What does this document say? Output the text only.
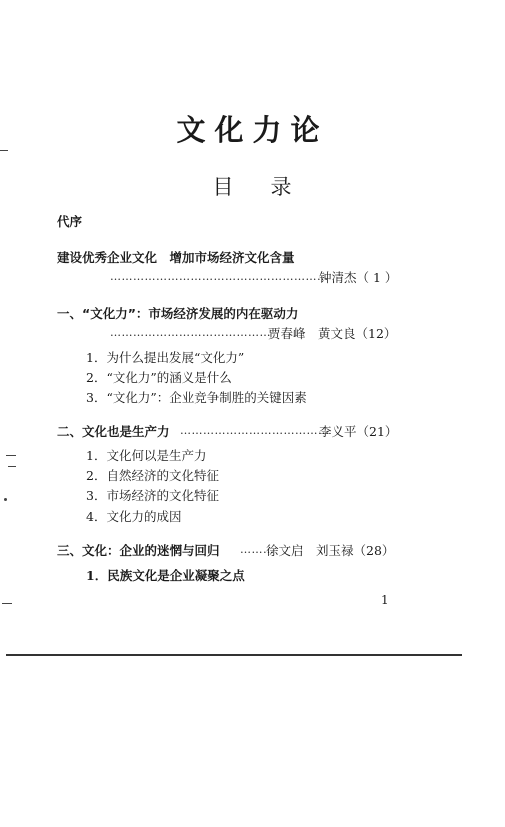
文化力论
目 录
代序
建设优秀企业文化　增加市场经济文化含量
…………………………………………………
钟清杰（ 1 ）
一、“文化力”：市场经济发展的内在驱动力
……………………………………
贾春峰　黄文良（12）
1．为什么提出发展“文化力”
2．“文化力”的涵义是什么
3．“文化力”：企业竞争制胜的关键因素
二、文化也是生产力 …………………………………
李义平（21）
1．文化何以是生产力
2．自然经济的文化特征
3．市场经济的文化特征
4．文化力的成因
三、文化：企业的迷惘与回归 ………
徐文启　刘玉禄（28）
1．民族文化是企业凝聚之点
1
